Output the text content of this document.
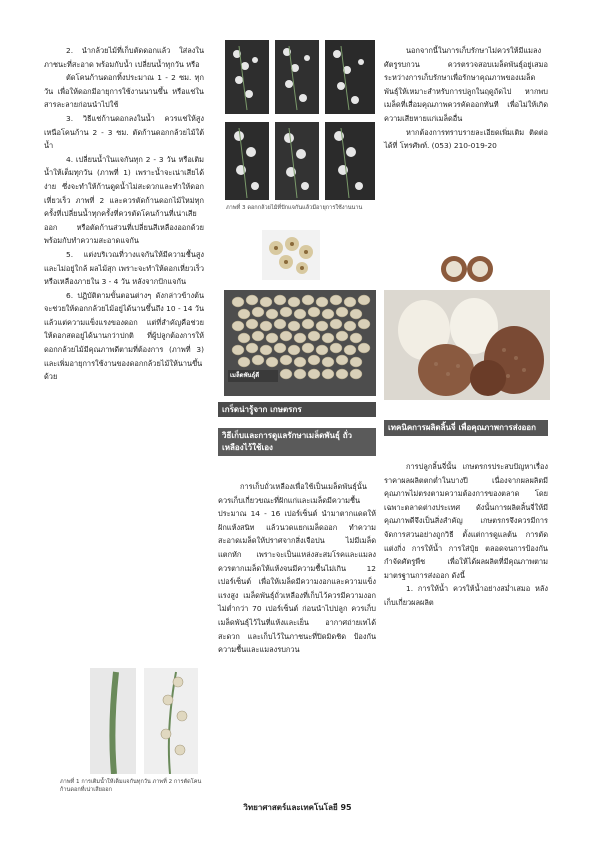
2. นำกล้วยไม้ที่เก็บตัดดอกแล้ว ใส่ลงในภาชนะที่สะอาด พร้อมกับน้ำ เปลี่ยนน้ำทุกวัน หรือ

ตัดโคนก้านดอกทิ้งประมาณ 1 - 2 ซม. ทุกวัน เพื่อให้ดอกมีอายุการใช้งานนานขึ้น หรือแช่ในสารละลายก่อนนำไปใช้

3. วิธีแช่ก้านดอกลงในน้ำ ควรแช่ให้สูงเหนือโคนก้าน 2 - 3 ซม. ตัดก้านดอกกล้วยไม้ใต้น้ำ

4. เปลี่ยนน้ำในแจกันทุก 2 - 3 วัน หรือเติมน้ำให้เต็มทุกวัน (ภาพที่ 1) เพราะน้ำจะเน่าเสียได้ง่าย ซึ่งจะทำให้ก้านดูดน้ำไม่สะดวกและทำให้ดอกเหี่ยวเร็ว ภาพที่ 2 และควรตัดก้านดอกไม้ใหม่ทุกครั้งที่เปลี่ยนน้ำทุกครั้งที่ควรตัดโคนก้านที่เน่าเสียออก หรือตัดก้านส่วนที่เปลี่ยนสีเหลืองออกด้วย พร้อมกับทำความสะอาดแจกัน

5. แต่งบริเวณที่วางแจกันให้มีความชื้นสูงและไม่อยู่ใกล้ ผลไม้สุก เพราะจะทำให้ดอกเหี่ยวเร็ว หรือเหลืองภายใน 3 - 4 วัน หลังจากปักแจกัน

6. ปฏิบัติตามขั้นตอนต่างๆ ดังกล่าวข้างต้นจะช่วยให้ดอกกล้วยไม้อยู่ได้นานขึ้นถึง 10 - 14 วัน แล้วแต่ความแข็งแรงของดอก แต่ที่สำคัญคือช่วยให้ดอกสดอยู่ได้นานกว่าปกติ ที่ผู้ปลูกต้องการให้ดอกกล้วยไม้มีคุณภาพดีตามที่ต้องการ (ภาพที่ 3) และเพิ่มอายุการใช้งานของดอกกล้วยไม้ให้นานขึ้นด้วย

ภาพที่ 3 ดอกกล้วยไม้ที่ปักแจกันแล้วมีอายุการใช้งานนาน
เมล็ดพันธุ์ดี
เกร็ดน่ารู้จาก เกษตรกร
วิธีเก็บและการดูแลรักษาเมล็ดพันธุ์ ถั่วเหลืองไว้ใช้เอง

การเก็บถั่วเหลืองเพื่อใช้เป็นเมล็ดพันธุ์นั้น ควรเก็บเกี่ยวขณะที่ฝักแก่และเมล็ดมีความชื้นประมาณ 14 - 16 เปอร์เซ็นต์ นำมาตากแดดให้ฝักแห้งสนิท แล้วนวดแยกเมล็ดออก ทำความสะอาดเมล็ดให้ปราศจากสิ่งเจือปน ไม่มีเมล็ดแตกหัก เพราะจะเป็นแหล่งสะสมโรคและแมลง ควรตากเมล็ดให้แห้งจนมีความชื้นไม่เกิน 12 เปอร์เซ็นต์ เพื่อให้เมล็ดมีความงอกและความแข็งแรงสูง เมล็ดพันธุ์ถั่วเหลืองที่เก็บไว้ควรมีความงอกไม่ต่ำกว่า 70 เปอร์เซ็นต์ ก่อนนำไปปลูก ควรเก็บเมล็ดพันธุ์ไว้ในที่แห้งและเย็น อากาศถ่ายเทได้สะดวก และเก็บไว้ในภาชนะที่ปิดมิดชิด ป้องกันความชื้นและแมลงรบกวน

ภาพที่ 1 การเติมน้ำให้เต็มแจกันทุกวัน ภาพที่ 2 การตัดโคนก้านดอกที่เน่าเสียออก

นอกจากนี้ในการเก็บรักษาไม่ควรให้มีแมลงศัตรูรบกวน ควรตรวจสอบเมล็ดพันธุ์อยู่เสมอ ระหว่างการเก็บรักษาเพื่อรักษาคุณภาพของเมล็ดพันธุ์ให้เหมาะสำหรับการปลูกในฤดูถัดไป หากพบเมล็ดที่เสื่อมคุณภาพควรคัดออกทันที เพื่อไม่ให้เกิดความเสียหายแก่เมล็ดอื่น

หากต้องการทราบรายละเอียดเพิ่มเติม ติดต่อได้ที่ โทรศัพท์. (053) 210-019-20

เทคนิคการผลิตลิ้นจี่ เพื่อคุณภาพการส่งออก

การปลูกลิ้นจี่นั้น เกษตรกรประสบปัญหาเรื่องราคาผลผลิตตกต่ำในบางปี เนื่องจากผลผลิตมีคุณภาพไม่ตรงตามความต้องการของตลาด โดยเฉพาะตลาดต่างประเทศ ดังนั้นการผลิตลิ้นจี่ให้มีคุณภาพดีจึงเป็นสิ่งสำคัญ เกษตรกรจึงควรมีการจัดการสวนอย่างถูกวิธี ตั้งแต่การดูแลต้น การตัดแต่งกิ่ง การให้น้ำ การใส่ปุ๋ย ตลอดจนการป้องกันกำจัดศัตรูพืช เพื่อให้ได้ผลผลิตที่มีคุณภาพตามมาตรฐานการส่งออก ดังนี้

1. การให้น้ำ ควรให้น้ำอย่างสม่ำเสมอ หลังเก็บเกี่ยวผลผลิต

วิทยาศาสตร์และเทคโนโลยี 95
